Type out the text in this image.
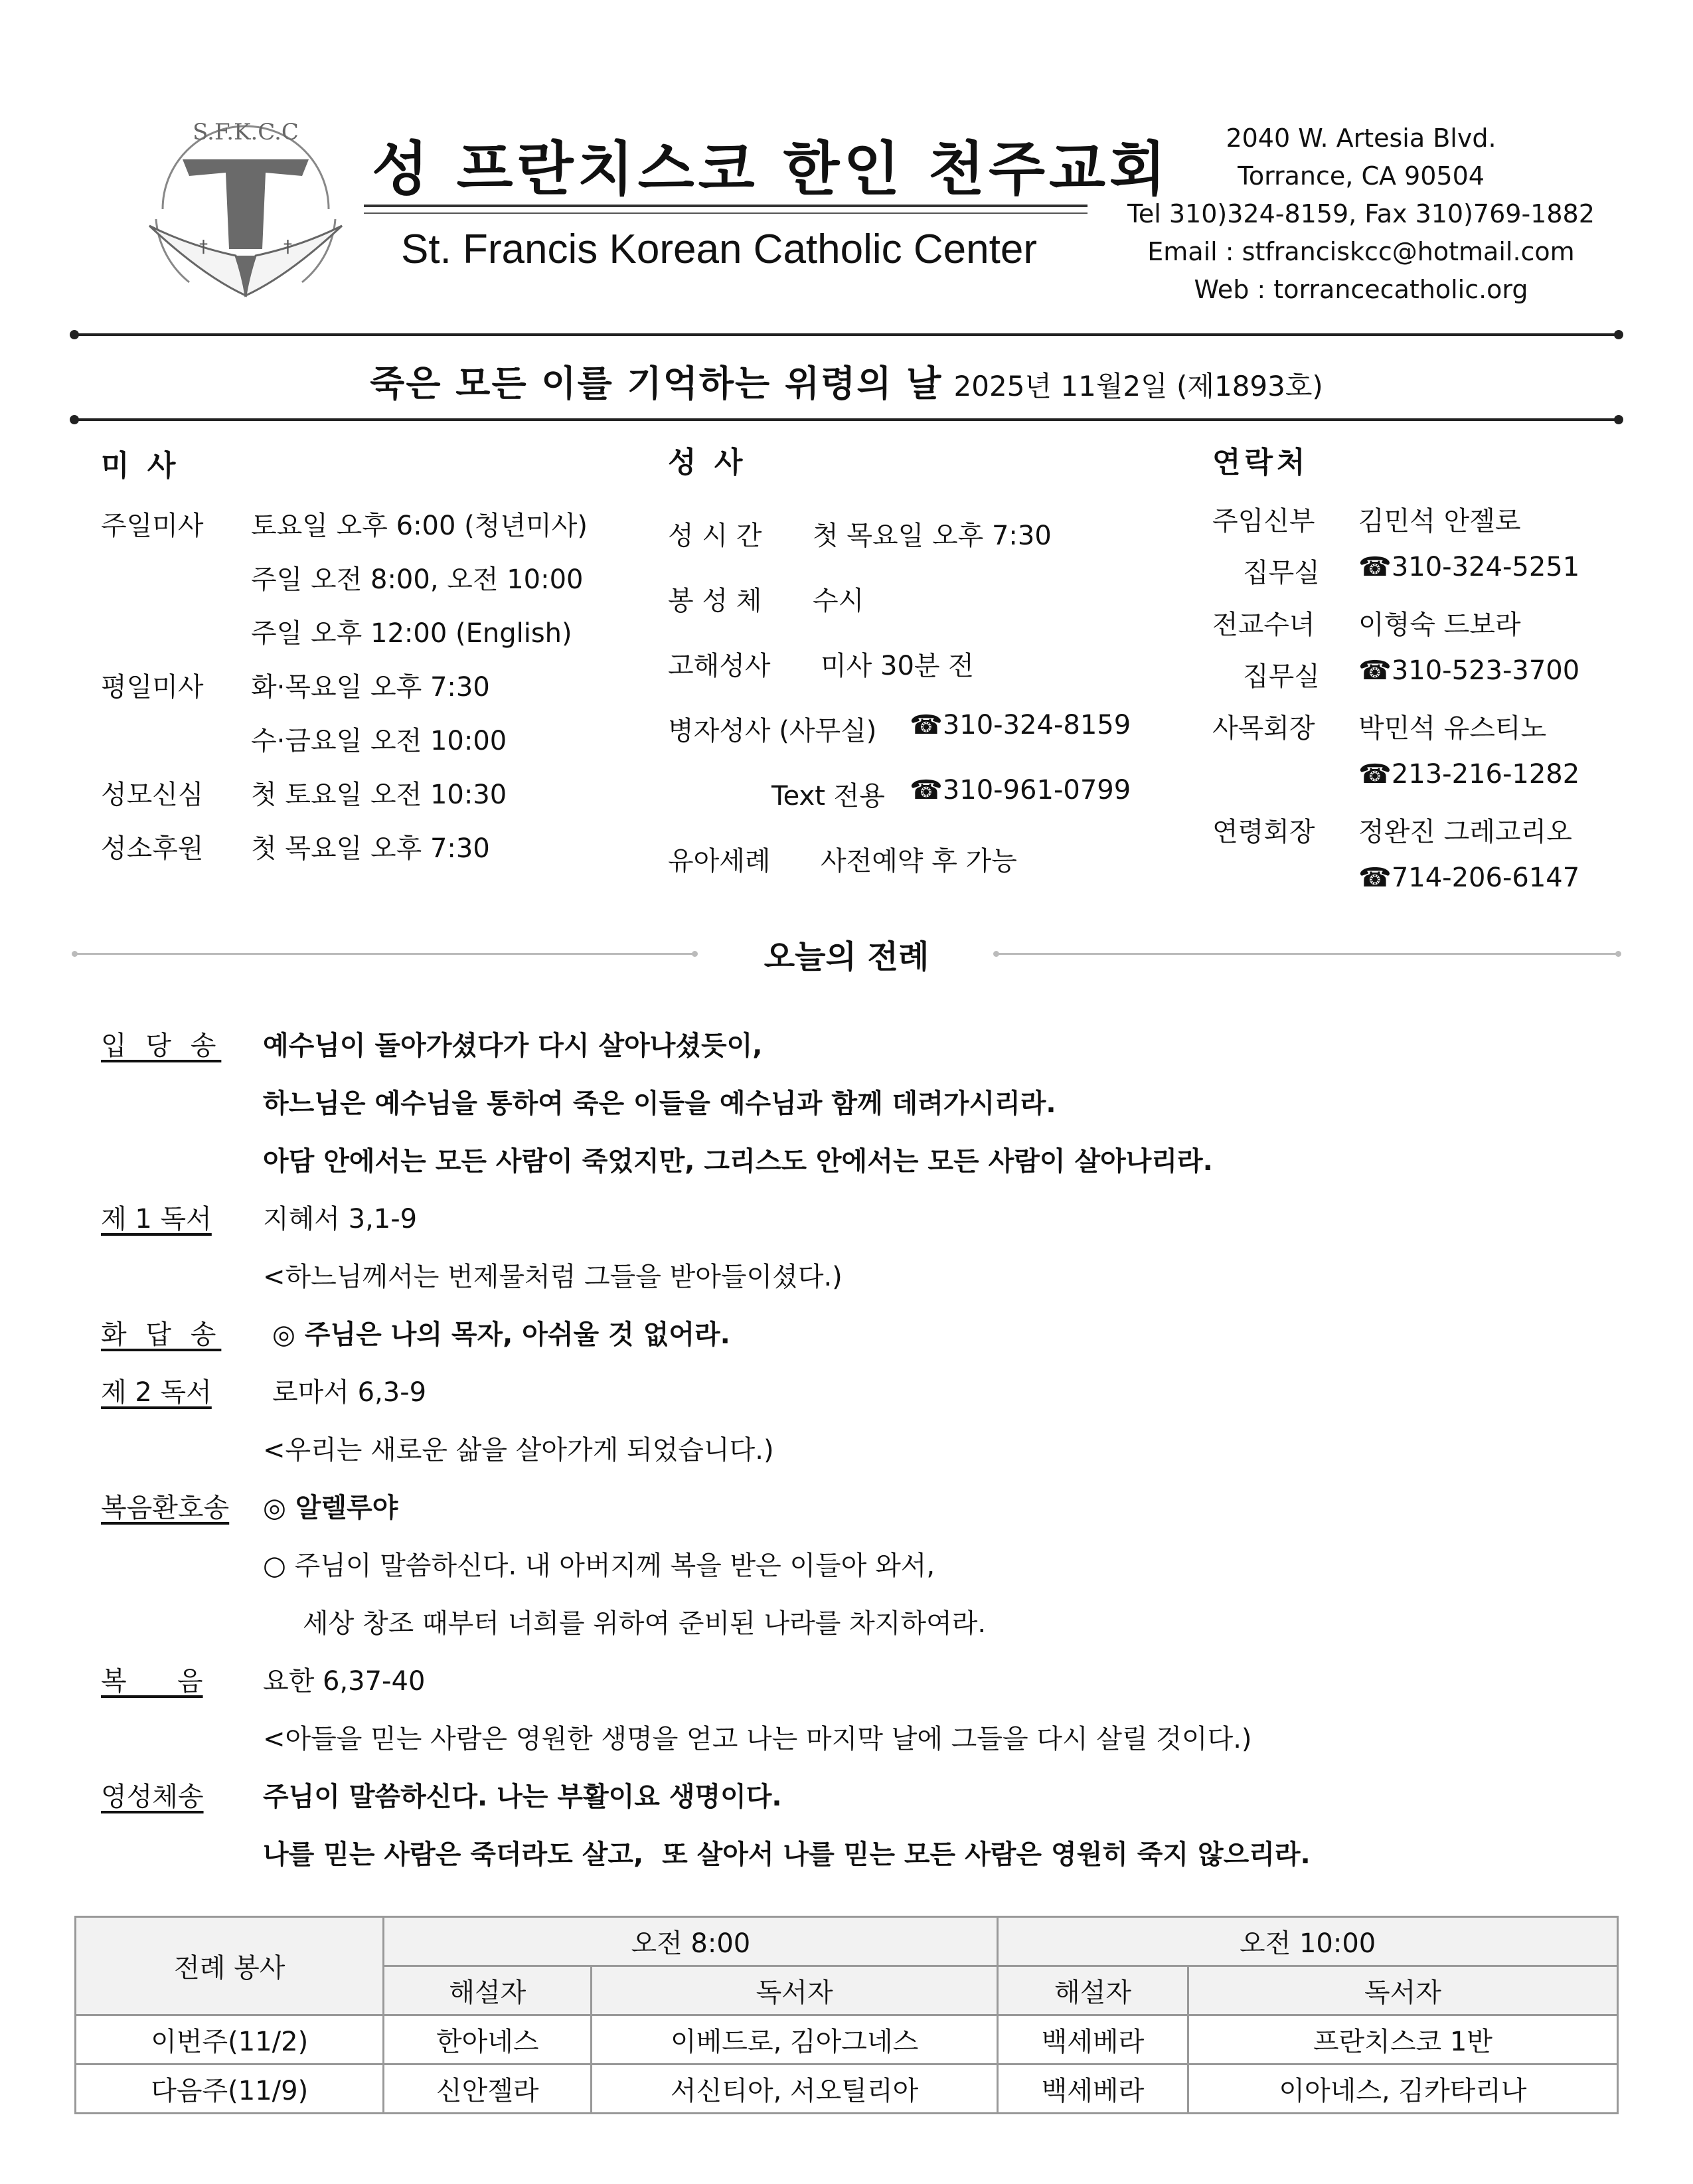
S.F.K.C.C
†	†
성 프란치스코 한인 천주교회
St. Francis Korean Catholic Center
2040 W. Artesia Blvd.
Torrance, CA 90504
Tel 310)324-8159, Fax 310)769-1882
Email : stfranciskcc@hotmail.com
Web : torrancecatholic.org
죽은 모든 이를 기억하는 위령의 날 2025년 11월2일 (제1893호)
미 사
주일미사 토요일 오후 6:00 (청년미사)
주일 오전 8:00, 오전 10:00
주일 오후 12:00 (English)
평일미사 화·목요일 오후 7:30
수·금요일 오전 10:00
성모신심 첫 토요일 오전 10:30
성소후원 첫 목요일 오후 7:30
성 사
성 시 간 첫 목요일 오후 7:30
봉 성 체 수시
고해성사 미사 30분 전
병자성사 (사무실) ☎310-324-8159
Text 전용 ☎310-961-0799
유아세례 사전예약 후 가능
연락처
주임신부 김민석 안젤로
집무실 ☎310-324-5251
전교수녀 이형숙 드보라
집무실 ☎310-523-3700
사목회장 박민석 유스티노
☎213-216-1282
연령회장 정완진 그레고리오
☎714-206-6147
오늘의 전례
입 당 송 예수님이 돌아가셨다가 다시 살아나셨듯이,
하느님은 예수님을 통하여 죽은 이들을 예수님과 함께 데려가시리라.
아담 안에서는 모든 사람이 죽었지만, 그리스도 안에서는 모든 사람이 살아나리라.
제 1 독서 지혜서 3,1-9
<하느님께서는 번제물처럼 그들을 받아들이셨다.)
화 답 송 ◎ 주님은 나의 목자, 아쉬울 것 없어라.
제 2 독서 로마서 6,3-9
<우리는 새로운 삶을 살아가게 되었습니다.)
복음환호송 ◎ 알렐루야
○ 주님이 말씀하신다. 내 아버지께 복을 받은 이들아 와서,
세상 창조 때부터 너희를 위하여 준비된 나라를 차지하여라.
복      음 요한 6,37-40
<아들을 믿는 사람은 영원한 생명을 얻고 나는 마지막 날에 그들을 다시 살릴 것이다.)
영성체송 주님이 말씀하신다. 나는 부활이요 생명이다.
나를 믿는 사람은 죽더라도 살고,  또 살아서 나를 믿는 모든 사람은 영원히 죽지 않으리라.
전례 봉사	오전 8:00		오전 10:00	
	해설자	독서자	해설자	독서자
이번주(11/2)	한아네스	이베드로, 김아그네스	백세베라	프란치스코 1반
다음주(11/9)	신안젤라	서신티아, 서오틸리아	백세베라	이아네스, 김카타리나
